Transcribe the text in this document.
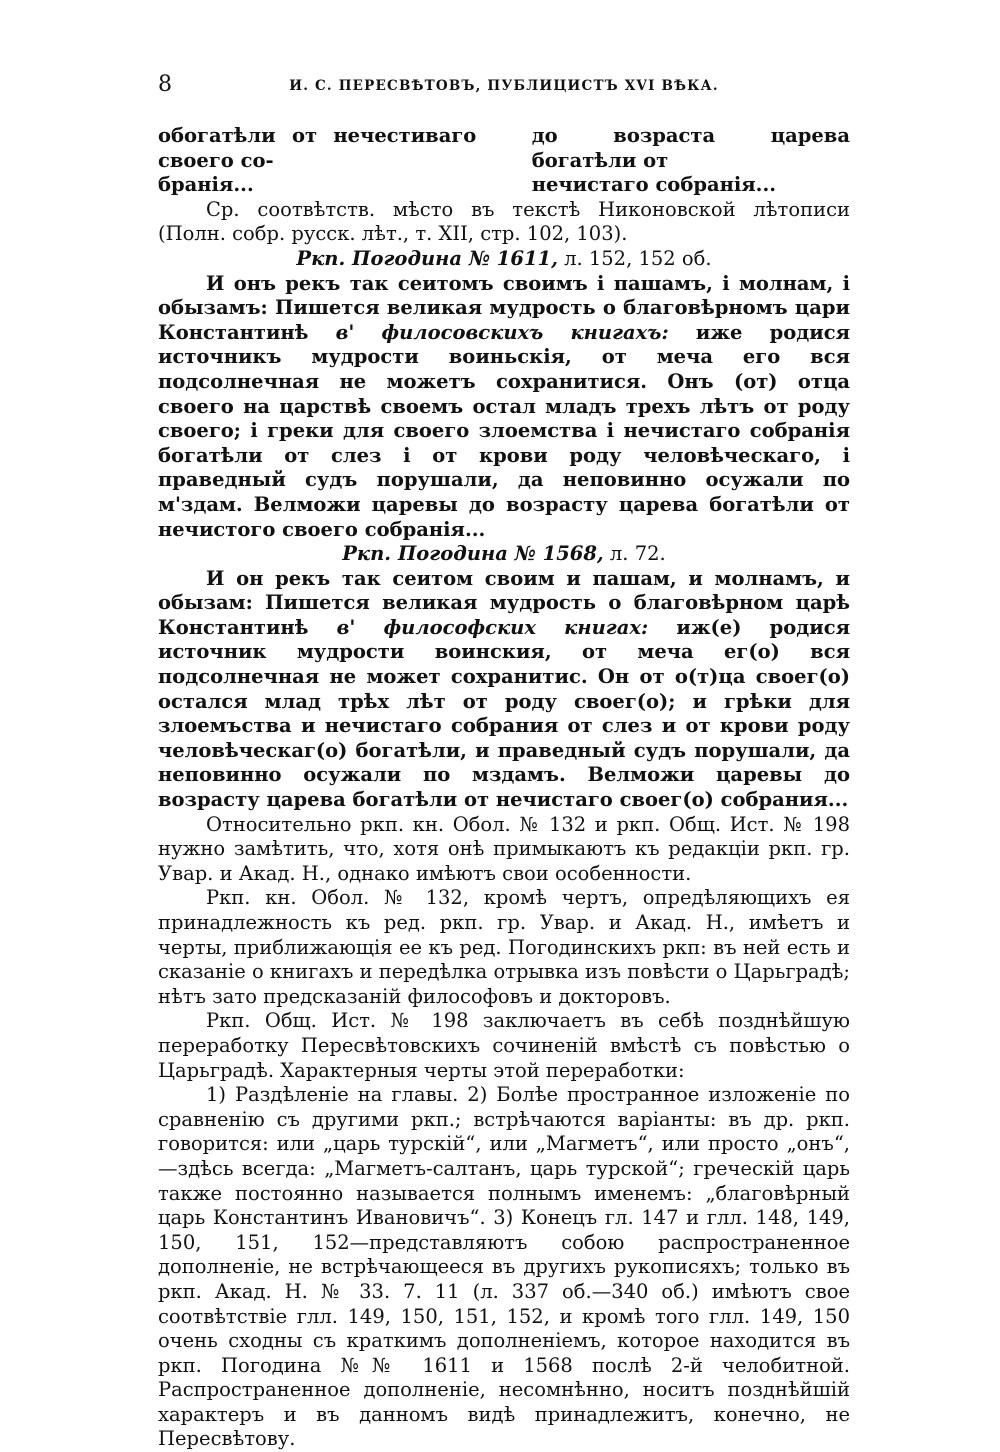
8	И. С. ПЕРЕСВѢТОВЪ, ПУБЛИЦИСТЪ XVI ВѢКА.
обогатѣли от нечестиваго своего со-
бранія...
до возраста царева богатѣли от
нечистаго собранія...

Ср. соотвѣтств. мѣсто въ текстѣ Никоновской лѣтописи (Полн. собр. русск. лѣт., т. XII, стр. 102, 103).

Ркп. Погодина № 1611, л. 152, 152 об.

И онъ рекъ так сеитомъ своимъ і пашамъ, і молнам, і обызамъ: Пишется великая мудрость о благовѣрномъ цари Константинѣ в' филосовскихъ книгахъ: иже родися источникъ мудрости воиньскія, от меча его вся подсолнечная не можетъ сохранитися. Онъ (от) отца своего на царствѣ своемъ остал младъ трехъ лѣтъ от роду своего; і греки для своего злоемства і нечистаго собранія богатѣли от слез і от крови роду человѣческаго, і праведный судъ порушали, да неповинно осужали по м'здам. Велможи царевы до возрасту царева богатѣли от нечистого своего собранія...

Ркп. Погодина № 1568, л. 72.

И он рекъ так сеитом своим и пашам, и молнамъ, и обызам: Пишется великая мудрость о благовѣрном царѣ Константинѣ в' философских книгах: иж(е) родися источник мудрости воинския, от меча ег(о) вся подсолнечная не может сохранитис. Он от о(т)ца своег(о) остался млад трѣх лѣт от роду своег(о); и грѣки для злоемъства и нечистаго собрания от слез и от крови роду человѣческаг(о) богатѣли, и праведный судъ порушали, да неповинно осужали по мздамъ. Велможи царевы до возрасту царева богатѣли от нечистаго своег(о) собрания...

Относительно ркп. кн. Обол. № 132 и ркп. Общ. Ист. № 198 нужно замѣтить, что, хотя онѣ примыкаютъ къ редакціи ркп. гр. Увар. и Акад. Н., однако имѣютъ свои особенности.

Ркп. кн. Обол. № 132, кромѣ чертъ, опредѣляющихъ ея принадлежность къ ред. ркп. гр. Увар. и Акад. Н., имѣетъ и черты, приближающія ее къ ред. Погодинскихъ ркп: въ ней есть и сказаніе о книгахъ и передѣлка отрывка изъ повѣсти о Царьградѣ; нѣтъ зато предсказаній философовъ и докторовъ.

Ркп. Общ. Ист. № 198 заключаетъ въ себѣ позднѣйшую переработку Пересвѣтовскихъ сочиненій вмѣстѣ съ повѣстью о Царьградѣ. Характерныя черты этой переработки:

1) Раздѣленіе на главы. 2) Болѣе пространное изложеніе по сравненію съ другими ркп.; встрѣчаются варіанты: въ др. ркп. говорится: или „царь турскій“, или „Магметъ“, или просто „онъ“,—здѣсь всегда: „Магметъ-салтанъ, царь турской“; греческій царь также постоянно называется полнымъ именемъ: „благовѣрный царь Константинъ Ивановичъ“. 3) Конецъ гл. 147 и глл. 148, 149, 150, 151, 152—представляютъ собою распространенное дополненіе, не встрѣчающееся въ другихъ рукописяхъ; только въ ркп. Акад. Н. № 33. 7. 11 (л. 337 об.—340 об.) имѣютъ свое соотвѣтствіе глл. 149, 150, 151, 152, и кромѣ того глл. 149, 150 очень сходны съ краткимъ дополненіемъ, которое находится въ ркп. Погодина №№ 1611 и 1568 послѣ 2-й челобитной. Распространенное дополненіе, несомнѣнно, носитъ позднѣйшій характеръ и въ данномъ видѣ принадлежитъ, конечно, не Пересвѣтову.
